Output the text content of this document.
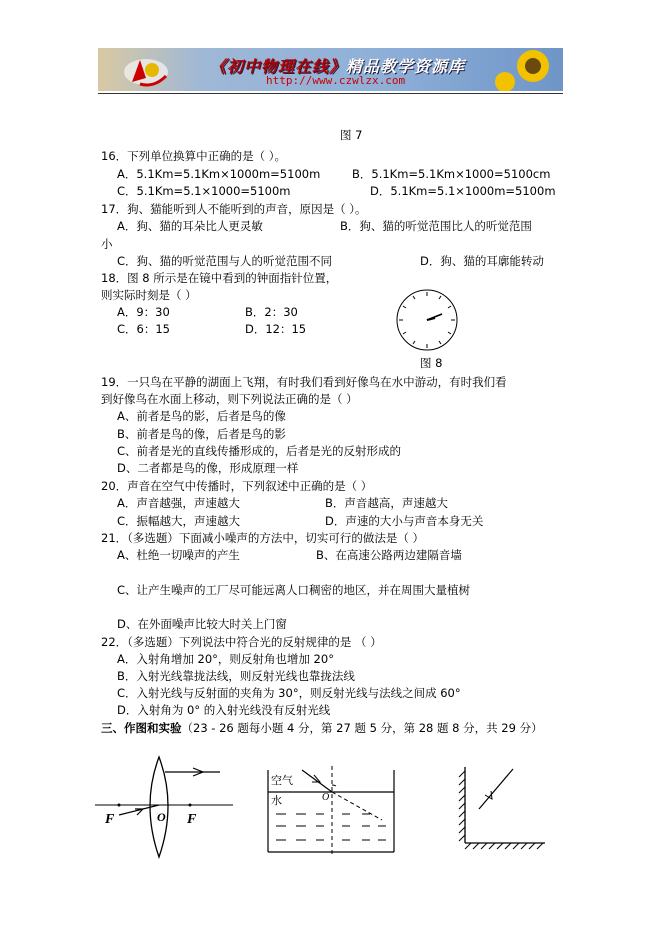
《初中物理在线》精品教学资源库
http://www.czwlzx.com
图 7
16．下列单位换算中正确的是（ ）。
A．5.1Km=5.1Km×1000m=5100m	B．5.1Km=5.1Km×1000=5100cm
C．5.1Km=5.1×1000=5100m	D．5.1Km=5.1×1000m=5100m
17．狗、猫能听到人不能听到的声音，原因是（ ）。
A．狗、猫的耳朵比人更灵敏	B．狗、猫的听觉范围比人的听觉范围
小
C．狗、猫的听觉范围与人的听觉范围不同	D．狗、猫的耳廓能转动
18．图 8 所示是在镜中看到的钟面指针位置，
则实际时刻是（ ）
A．9：30	B．2：30
C．6：15	D．12：15
图 8
19．一只鸟在平静的湖面上飞翔，有时我们看到好像鸟在水中游动，有时我们看
到好像鸟在水面上移动，则下列说法正确的是（ ）
A、前者是鸟的影，后者是鸟的像
B、前者是鸟的像，后者是鸟的影
C、前者是光的直线传播形成的，后者是光的反射形成的
D、二者都是鸟的像，形成原理一样
20．声音在空气中传播时，下列叙述中正确的是（ ）
A．声音越强，声速越大	B．声音越高，声速越大
C．振幅越大，声速越大	D．声速的大小与声音本身无关
21．（多选题）下面减小噪声的方法中，切实可行的做法是（ ）
A、杜绝一切噪声的产生	B、在高速公路两边建隔音墙
C、让产生噪声的工厂尽可能远离人口稠密的地区，并在周围大量植树
D、在外面噪声比较大时关上门窗
22．（多选题）下列说法中符合光的反射规律的是 （ ）
A．入射角增加 20°，则反射角也增加 20°
B．入射光线靠拢法线，则反射光线也靠拢法线
C．入射光线与反射面的夹角为 30°，则反射光线与法线之间成 60°
D．入射角为 0° 的入射光线没有反射光线
三、作图和实验（23 - 26 题每小题 4 分，第 27 题 5 分，第 28 题 8 分，共 29 分）
F	F
O
空气
水	O
